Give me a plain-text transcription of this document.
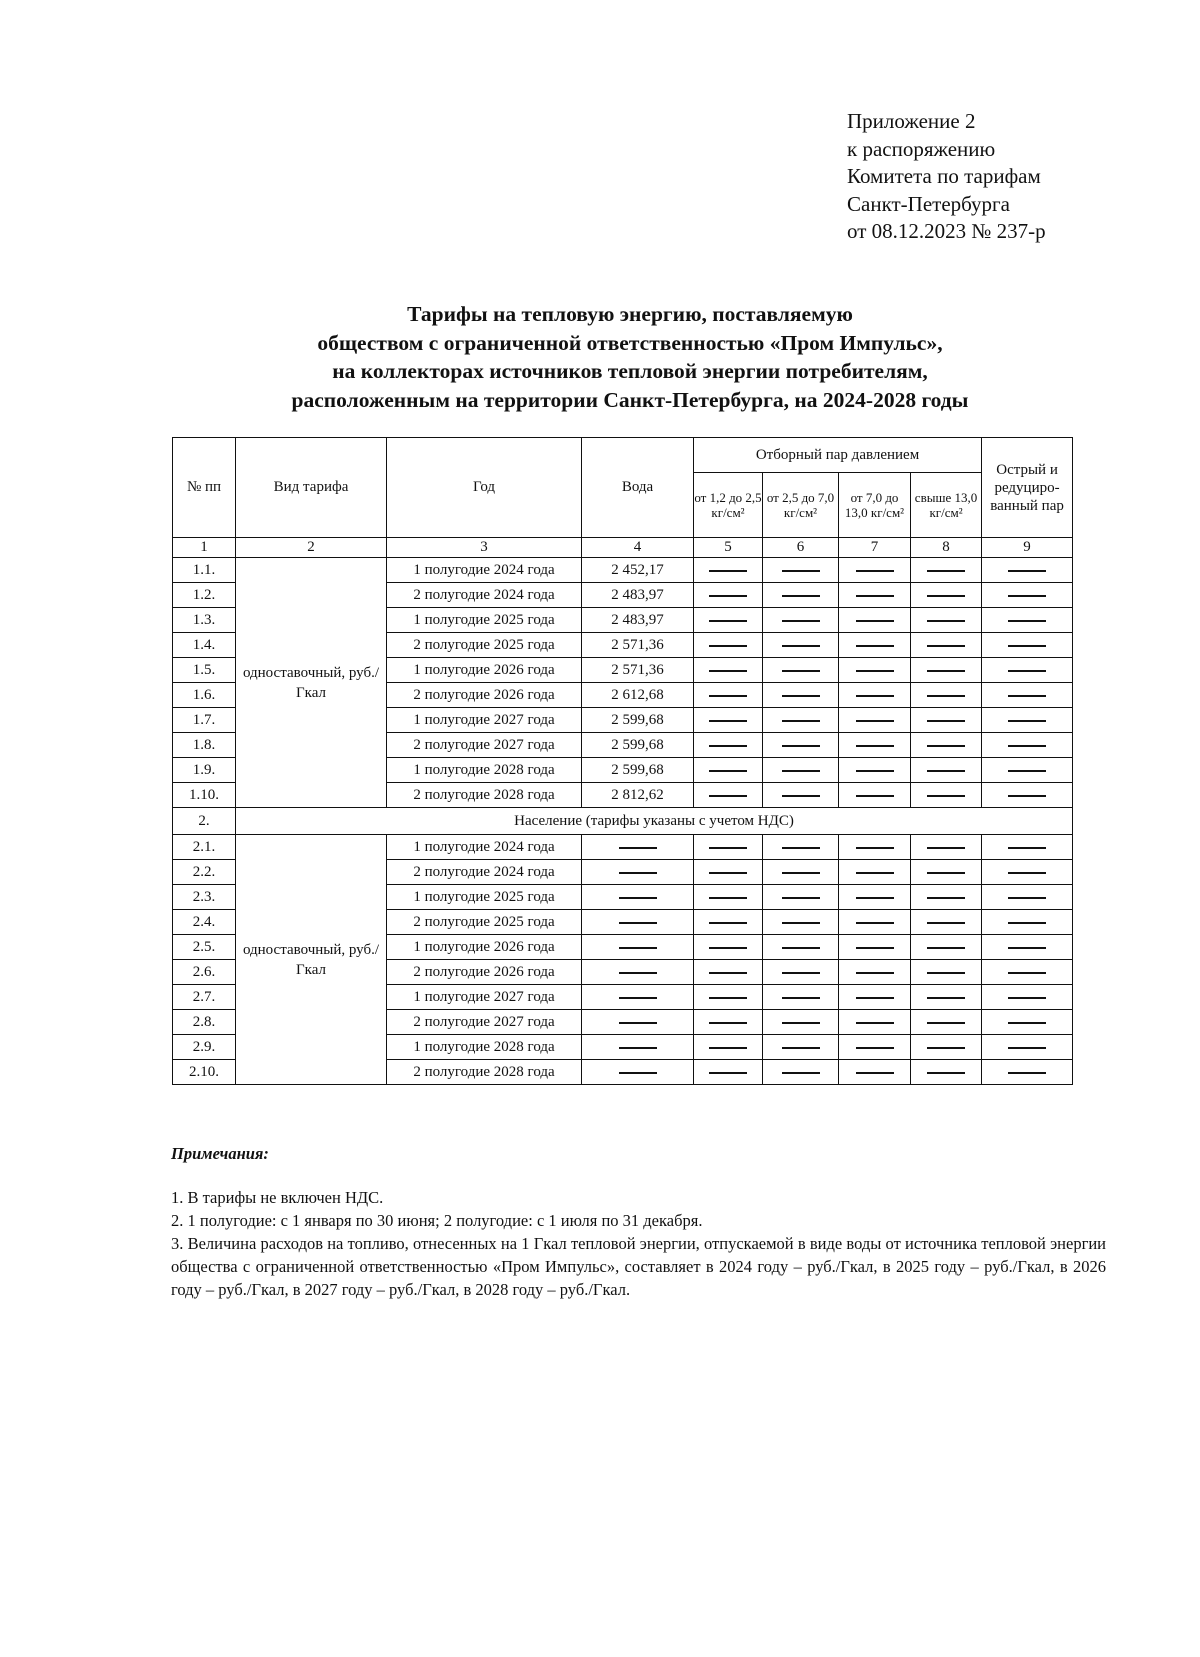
Приложение 2
к распоряжению
Комитета по тарифам
Санкт-Петербурга
от 08.12.2023 № 237-р
Тарифы на тепловую энергию, поставляемую
обществом с ограниченной ответственностью «Пром Импульс»,
на коллекторах источников тепловой энергии потребителям,
расположенным на территории Санкт-Петербурга, на 2024-2028 годы
№ пп	Вид тарифа	Год	Вода	Отборный пар давлением				Острый и редуциро-ванный пар
				от 1,2 до 2,5 кг/см²	от 2,5 до 7,0 кг/см²	от 7,0 до 13,0 кг/см²	свыше 13,0 кг/см²	
1	2	3	4	5	6	7	8	9
1.1.	одноставочный, руб./Гкал	1 полугодие 2024 года	2 452,17					
1.2.		2 полугодие 2024 года	2 483,97					
1.3.		1 полугодие 2025 года	2 483,97					
1.4.		2 полугодие 2025 года	2 571,36					
1.5.		1 полугодие 2026 года	2 571,36					
1.6.		2 полугодие 2026 года	2 612,68					
1.7.		1 полугодие 2027 года	2 599,68					
1.8.		2 полугодие 2027 года	2 599,68					
1.9.		1 полугодие 2028 года	2 599,68					
1.10.		2 полугодие 2028 года	2 812,62					
2.	Население (тарифы указаны с учетом НДС)							
2.1.	одноставочный, руб./Гкал	1 полугодие 2024 года						
2.2.		2 полугодие 2024 года						
2.3.		1 полугодие 2025 года						
2.4.		2 полугодие 2025 года						
2.5.		1 полугодие 2026 года						
2.6.		2 полугодие 2026 года						
2.7.		1 полугодие 2027 года						
2.8.		2 полугодие 2027 года						
2.9.		1 полугодие 2028 года						
2.10.		2 полугодие 2028 года						
Примечания:

1. В тарифы не включен НДС.

2. 1 полугодие: с 1 января по 30 июня; 2 полугодие: с 1 июля по 31 декабря.

3. Величина расходов на топливо, отнесенных на 1 Гкал тепловой энергии, отпускаемой в виде воды от источника тепловой энергии общества с ограниченной ответственностью «Пром Импульс», составляет в 2024 году – руб./Гкал, в 2025 году – руб./Гкал, в 2026 году – руб./Гкал, в 2027 году – руб./Гкал, в 2028 году – руб./Гкал.
